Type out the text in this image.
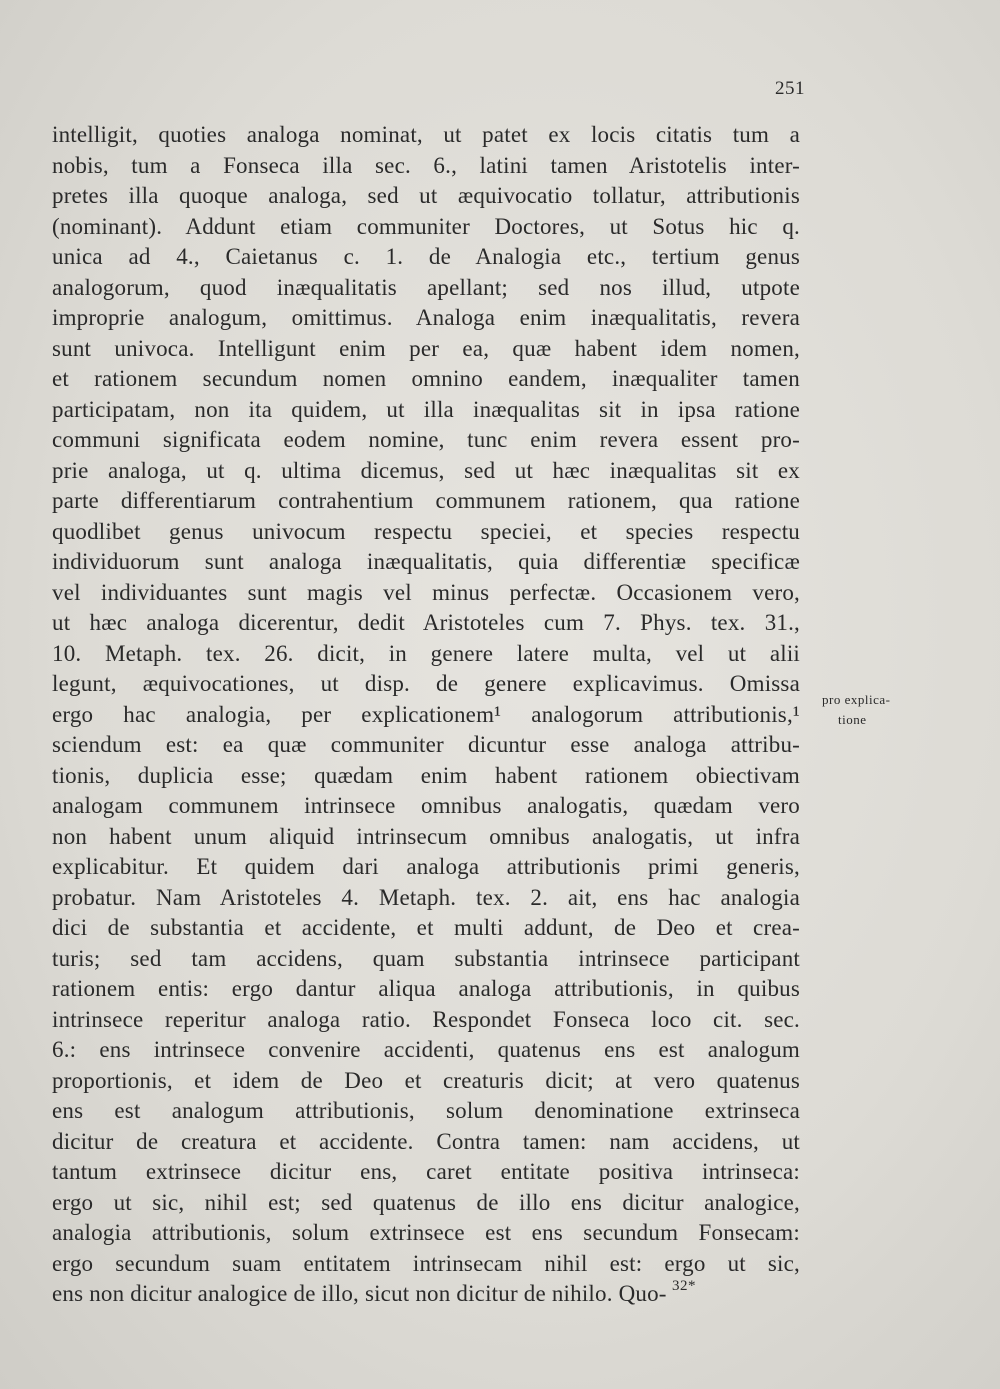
251
intelligit, quoties analoga nominat, ut patet ex locis citatis tum a
nobis, tum a Fonseca illa sec. 6., latini tamen Aristotelis inter-
pretes illa quoque analoga, sed ut æquivocatio tollatur, attributionis
(nominant). Addunt etiam communiter Doctores, ut Sotus hic q.
unica ad 4., Caietanus c. 1. de Analogia etc., tertium genus
analogorum, quod inæqualitatis apellant; sed nos illud, utpote
improprie analogum, omittimus. Analoga enim inæqualitatis, revera
sunt univoca. Intelligunt enim per ea, quæ habent idem nomen,
et rationem secundum nomen omnino eandem, inæqualiter tamen
participatam, non ita quidem, ut illa inæqualitas sit in ipsa ratione
communi significata eodem nomine, tunc enim revera essent pro-
prie analoga, ut q. ultima dicemus, sed ut hæc inæqualitas sit ex
parte differentiarum contrahentium communem rationem, qua ratione
quodlibet genus univocum respectu speciei, et species respectu
individuorum sunt analoga inæqualitatis, quia differentiæ specificæ
vel individuantes sunt magis vel minus perfectæ. Occasionem vero,
ut hæc analoga dicerentur, dedit Aristoteles cum 7. Phys. tex. 31.,
10. Metaph. tex. 26. dicit, in genere latere multa, vel ut alii
legunt, æquivocationes, ut disp. de genere explicavimus. Omissa
ergo hac analogia, per explicationem¹ analogorum attributionis,¹
sciendum est: ea quæ communiter dicuntur esse analoga attribu-
tionis, duplicia esse; quædam enim habent rationem obiectivam
analogam communem intrinsece omnibus analogatis, quædam vero
non habent unum aliquid intrinsecum omnibus analogatis, ut infra
explicabitur. Et quidem dari analoga attributionis primi generis,
probatur. Nam Aristoteles 4. Metaph. tex. 2. ait, ens hac analogia
dici de substantia et accidente, et multi addunt, de Deo et crea-
turis; sed tam accidens, quam substantia intrinsece participant
rationem entis: ergo dantur aliqua analoga attributionis, in quibus
intrinsece reperitur analoga ratio. Respondet Fonseca loco cit. sec.
6.: ens intrinsece convenire accidenti, quatenus ens est analogum
proportionis, et idem de Deo et creaturis dicit; at vero quatenus
ens est analogum attributionis, solum denominatione extrinseca
dicitur de creatura et accidente. Contra tamen: nam accidens, ut
tantum extrinsece dicitur ens, caret entitate positiva intrinseca:
ergo ut sic, nihil est; sed quatenus de illo ens dicitur analogice,
analogia attributionis, solum extrinsece est ens secundum Fonsecam:
ergo secundum suam entitatem intrinsecam nihil est: ergo ut sic,
ens non dicitur analogice de illo, sicut non dicitur de nihilo. Quo-
pro explica-
tione
32*
